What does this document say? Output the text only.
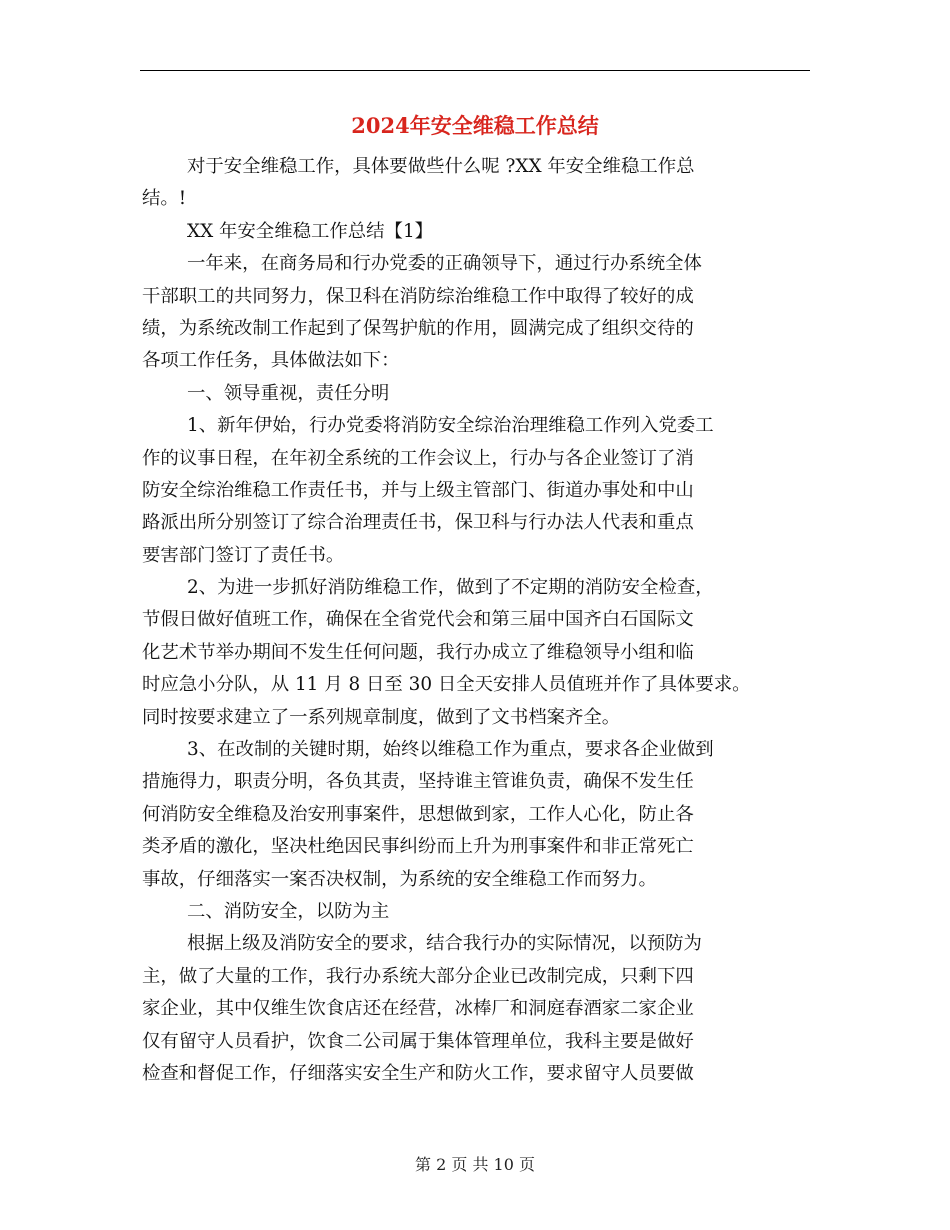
2024年安全维稳工作总结
对于安全维稳工作，具体要做些什么呢 ?XX 年安全维稳工作总
结。!
XX 年安全维稳工作总结【1】
一年来，在商务局和行办党委的正确领导下，通过行办系统全体
干部职工的共同努力，保卫科在消防综治维稳工作中取得了较好的成
绩，为系统改制工作起到了保驾护航的作用，圆满完成了组织交待的
各项工作任务，具体做法如下：
一、领导重视，责任分明
1、新年伊始，行办党委将消防安全综治治理维稳工作列入党委工
作的议事日程，在年初全系统的工作会议上，行办与各企业签订了消
防安全综治维稳工作责任书，并与上级主管部门、街道办事处和中山
路派出所分别签订了综合治理责任书，保卫科与行办法人代表和重点
要害部门签订了责任书。
2、为进一步抓好消防维稳工作，做到了不定期的消防安全检查，
节假日做好值班工作，确保在全省党代会和第三届中国齐白石国际文
化艺术节举办期间不发生任何问题，我行办成立了维稳领导小组和临
时应急小分队，从 11 月 8 日至 30 日全天安排人员值班并作了具体要求。
同时按要求建立了一系列规章制度，做到了文书档案齐全。
3、在改制的关键时期，始终以维稳工作为重点，要求各企业做到
措施得力，职责分明，各负其责，坚持谁主管谁负责，确保不发生任
何消防安全维稳及治安刑事案件，思想做到家，工作人心化，防止各
类矛盾的激化，坚决杜绝因民事纠纷而上升为刑事案件和非正常死亡
事故，仔细落实一案否决权制，为系统的安全维稳工作而努力。
二、消防安全，以防为主
根据上级及消防安全的要求，结合我行办的实际情况，以预防为
主，做了大量的工作，我行办系统大部分企业已改制完成，只剩下四
家企业，其中仅维生饮食店还在经营，冰棒厂和洞庭春酒家二家企业
仅有留守人员看护，饮食二公司属于集体管理单位，我科主要是做好
检查和督促工作，仔细落实安全生产和防火工作，要求留守人员要做
第 2 页 共 10 页
